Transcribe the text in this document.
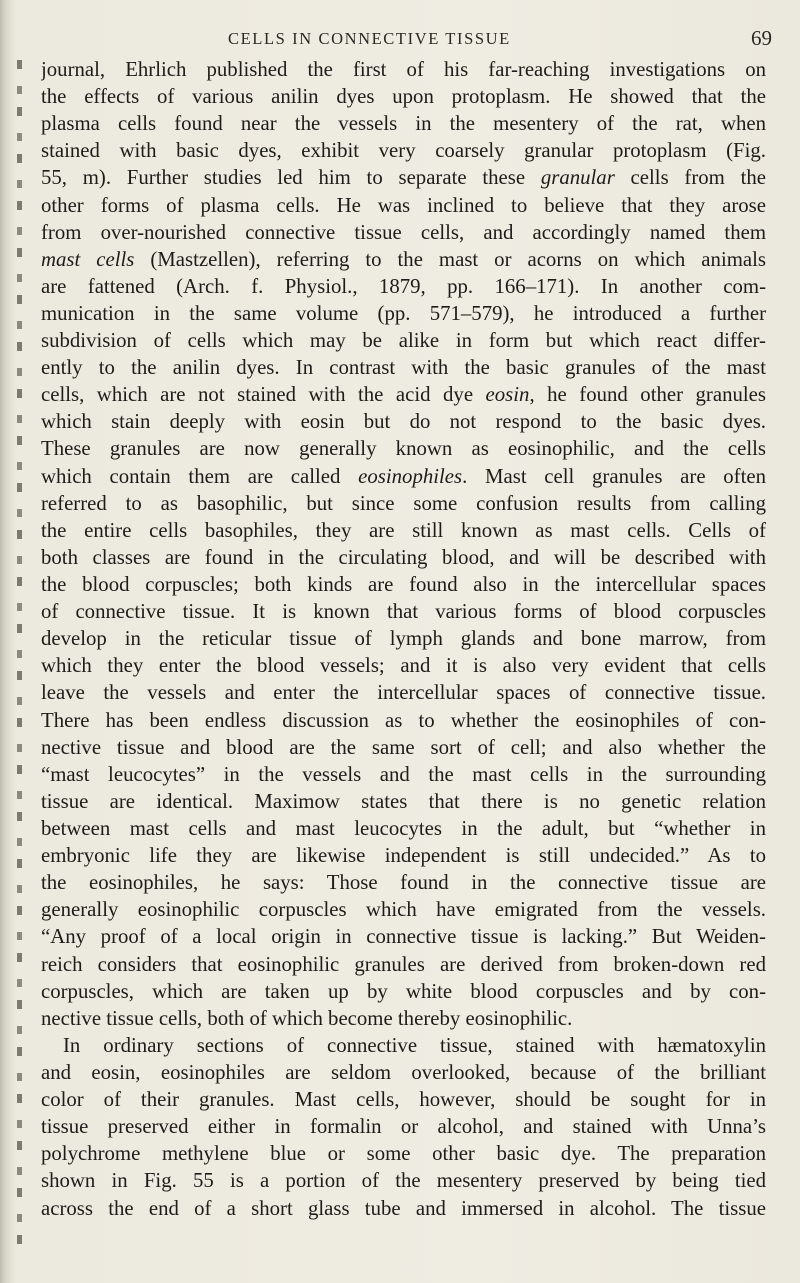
CELLS IN CONNECTIVE TISSUE	69
journal, Ehrlich published the first of his far-reaching investigations on
the effects of various anilin dyes upon protoplasm. He showed that the
plasma cells found near the vessels in the mesentery of the rat, when
stained with basic dyes, exhibit very coarsely granular protoplasm (Fig.
55, m). Further studies led him to separate these granular cells from the
other forms of plasma cells. He was inclined to believe that they arose
from over-nourished connective tissue cells, and accordingly named them
mast cells (Mastzellen), referring to the mast or acorns on which animals
are fattened (Arch. f. Physiol., 1879, pp. 166–171). In another com-
munication in the same volume (pp. 571–579), he introduced a further
subdivision of cells which may be alike in form but which react differ-
ently to the anilin dyes. In contrast with the basic granules of the mast
cells, which are not stained with the acid dye eosin, he found other granules
which stain deeply with eosin but do not respond to the basic dyes.
These granules are now generally known as eosinophilic, and the cells
which contain them are called eosinophiles. Mast cell granules are often
referred to as basophilic, but since some confusion results from calling
the entire cells basophiles, they are still known as mast cells. Cells of
both classes are found in the circulating blood, and will be described with
the blood corpuscles; both kinds are found also in the intercellular spaces
of connective tissue. It is known that various forms of blood corpuscles
develop in the reticular tissue of lymph glands and bone marrow, from
which they enter the blood vessels; and it is also very evident that cells
leave the vessels and enter the intercellular spaces of connective tissue.
There has been endless discussion as to whether the eosinophiles of con-
nective tissue and blood are the same sort of cell; and also whether the
“mast leucocytes” in the vessels and the mast cells in the surrounding
tissue are identical. Maximow states that there is no genetic relation
between mast cells and mast leucocytes in the adult, but “whether in
embryonic life they are likewise independent is still undecided.” As to
the eosinophiles, he says: Those found in the connective tissue are
generally eosinophilic corpuscles which have emigrated from the vessels.
“Any proof of a local origin in connective tissue is lacking.” But Weiden-
reich considers that eosinophilic granules are derived from broken-down red
corpuscles, which are taken up by white blood corpuscles and by con-
nective tissue cells, both of which become thereby eosinophilic.
In ordinary sections of connective tissue, stained with hæmatoxylin
and eosin, eosinophiles are seldom overlooked, because of the brilliant
color of their granules. Mast cells, however, should be sought for in
tissue preserved either in formalin or alcohol, and stained with Unna’s
polychrome methylene blue or some other basic dye. The preparation
shown in Fig. 55 is a portion of the mesentery preserved by being tied
across the end of a short glass tube and immersed in alcohol. The tissue
